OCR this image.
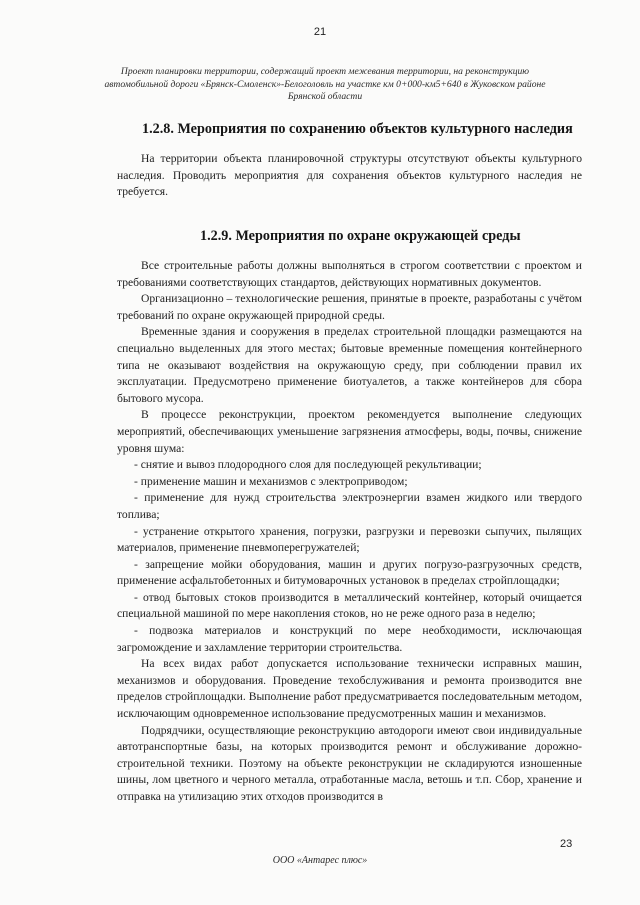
21
Проект планировки территории, содержащий проект межевания территории, на реконструкцию
автомобильной дороги «Брянск-Смоленск»-Белоголовль на участке км 0+000-км5+640 в Жуковском районе
Брянской области
1.2.8. Мероприятия по сохранению объектов культурного наследия

На территории объекта планировочной структуры отсутствуют объекты культурного наследия. Проводить мероприятия для сохранения объектов культурного наследия не требуется.

1.2.9. Мероприятия по охране окружающей среды

Все строительные работы должны выполняться в строгом соответствии с проектом и требованиями соответствующих стандартов, действующих нормативных документов.

Организационно – технологические решения, принятые в проекте, разработаны с учётом требований по охране окружающей природной среды.

Временные здания и сооружения в пределах строительной площадки размещаются на специально выделенных для этого местах; бытовые временные помещения контейнерного типа не оказывают воздействия на окружающую среду, при соблюдении правил их эксплуатации. Предусмотрено применение биотуалетов, а также контейнеров для сбора бытового мусора.

В процессе реконструкции, проектом рекомендуется выполнение следующих мероприятий, обеспечивающих уменьшение загрязнения атмосферы, воды, почвы, снижение уровня шума:

- снятие и вывоз плодородного слоя для последующей рекультивации;

- применение машин и механизмов с электроприводом;

- применение для нужд строительства электроэнергии взамен жидкого или твердого топлива;

- устранение открытого хранения, погрузки, разгрузки и перевозки сыпучих, пылящих материалов, применение пневмоперегружателей;

- запрещение мойки оборудования, машин и других погрузо-разгрузочных средств, применение асфальтобетонных и битумоварочных установок в пределах стройплощадки;

- отвод бытовых стоков производится в металлический контейнер, который очищается специальной машиной по мере накопления стоков, но не реже одного раза в неделю;

- подвозка материалов и конструкций по мере необходимости, исключающая загромождение и захламление территории строительства.

На всех видах работ допускается использование технически исправных машин, механизмов и оборудования. Проведение техобслуживания и ремонта производится вне пределов стройплощадки. Выполнение работ предусматривается последовательным методом, исключающим одновременное использование предусмотренных машин и механизмов.

Подрядчики, осуществляющие реконструкцию автодороги имеют свои индивидуальные автотранспортные базы, на которых производится ремонт и обслуживание дорожно-строительной техники. Поэтому на объекте реконструкции не складируются изношенные шины, лом цветного и черного металла, отработанные масла, ветошь и т.п. Сбор, хранение и отправка на утилизацию этих отходов производится в

23
ООО «Антарес плюс»
